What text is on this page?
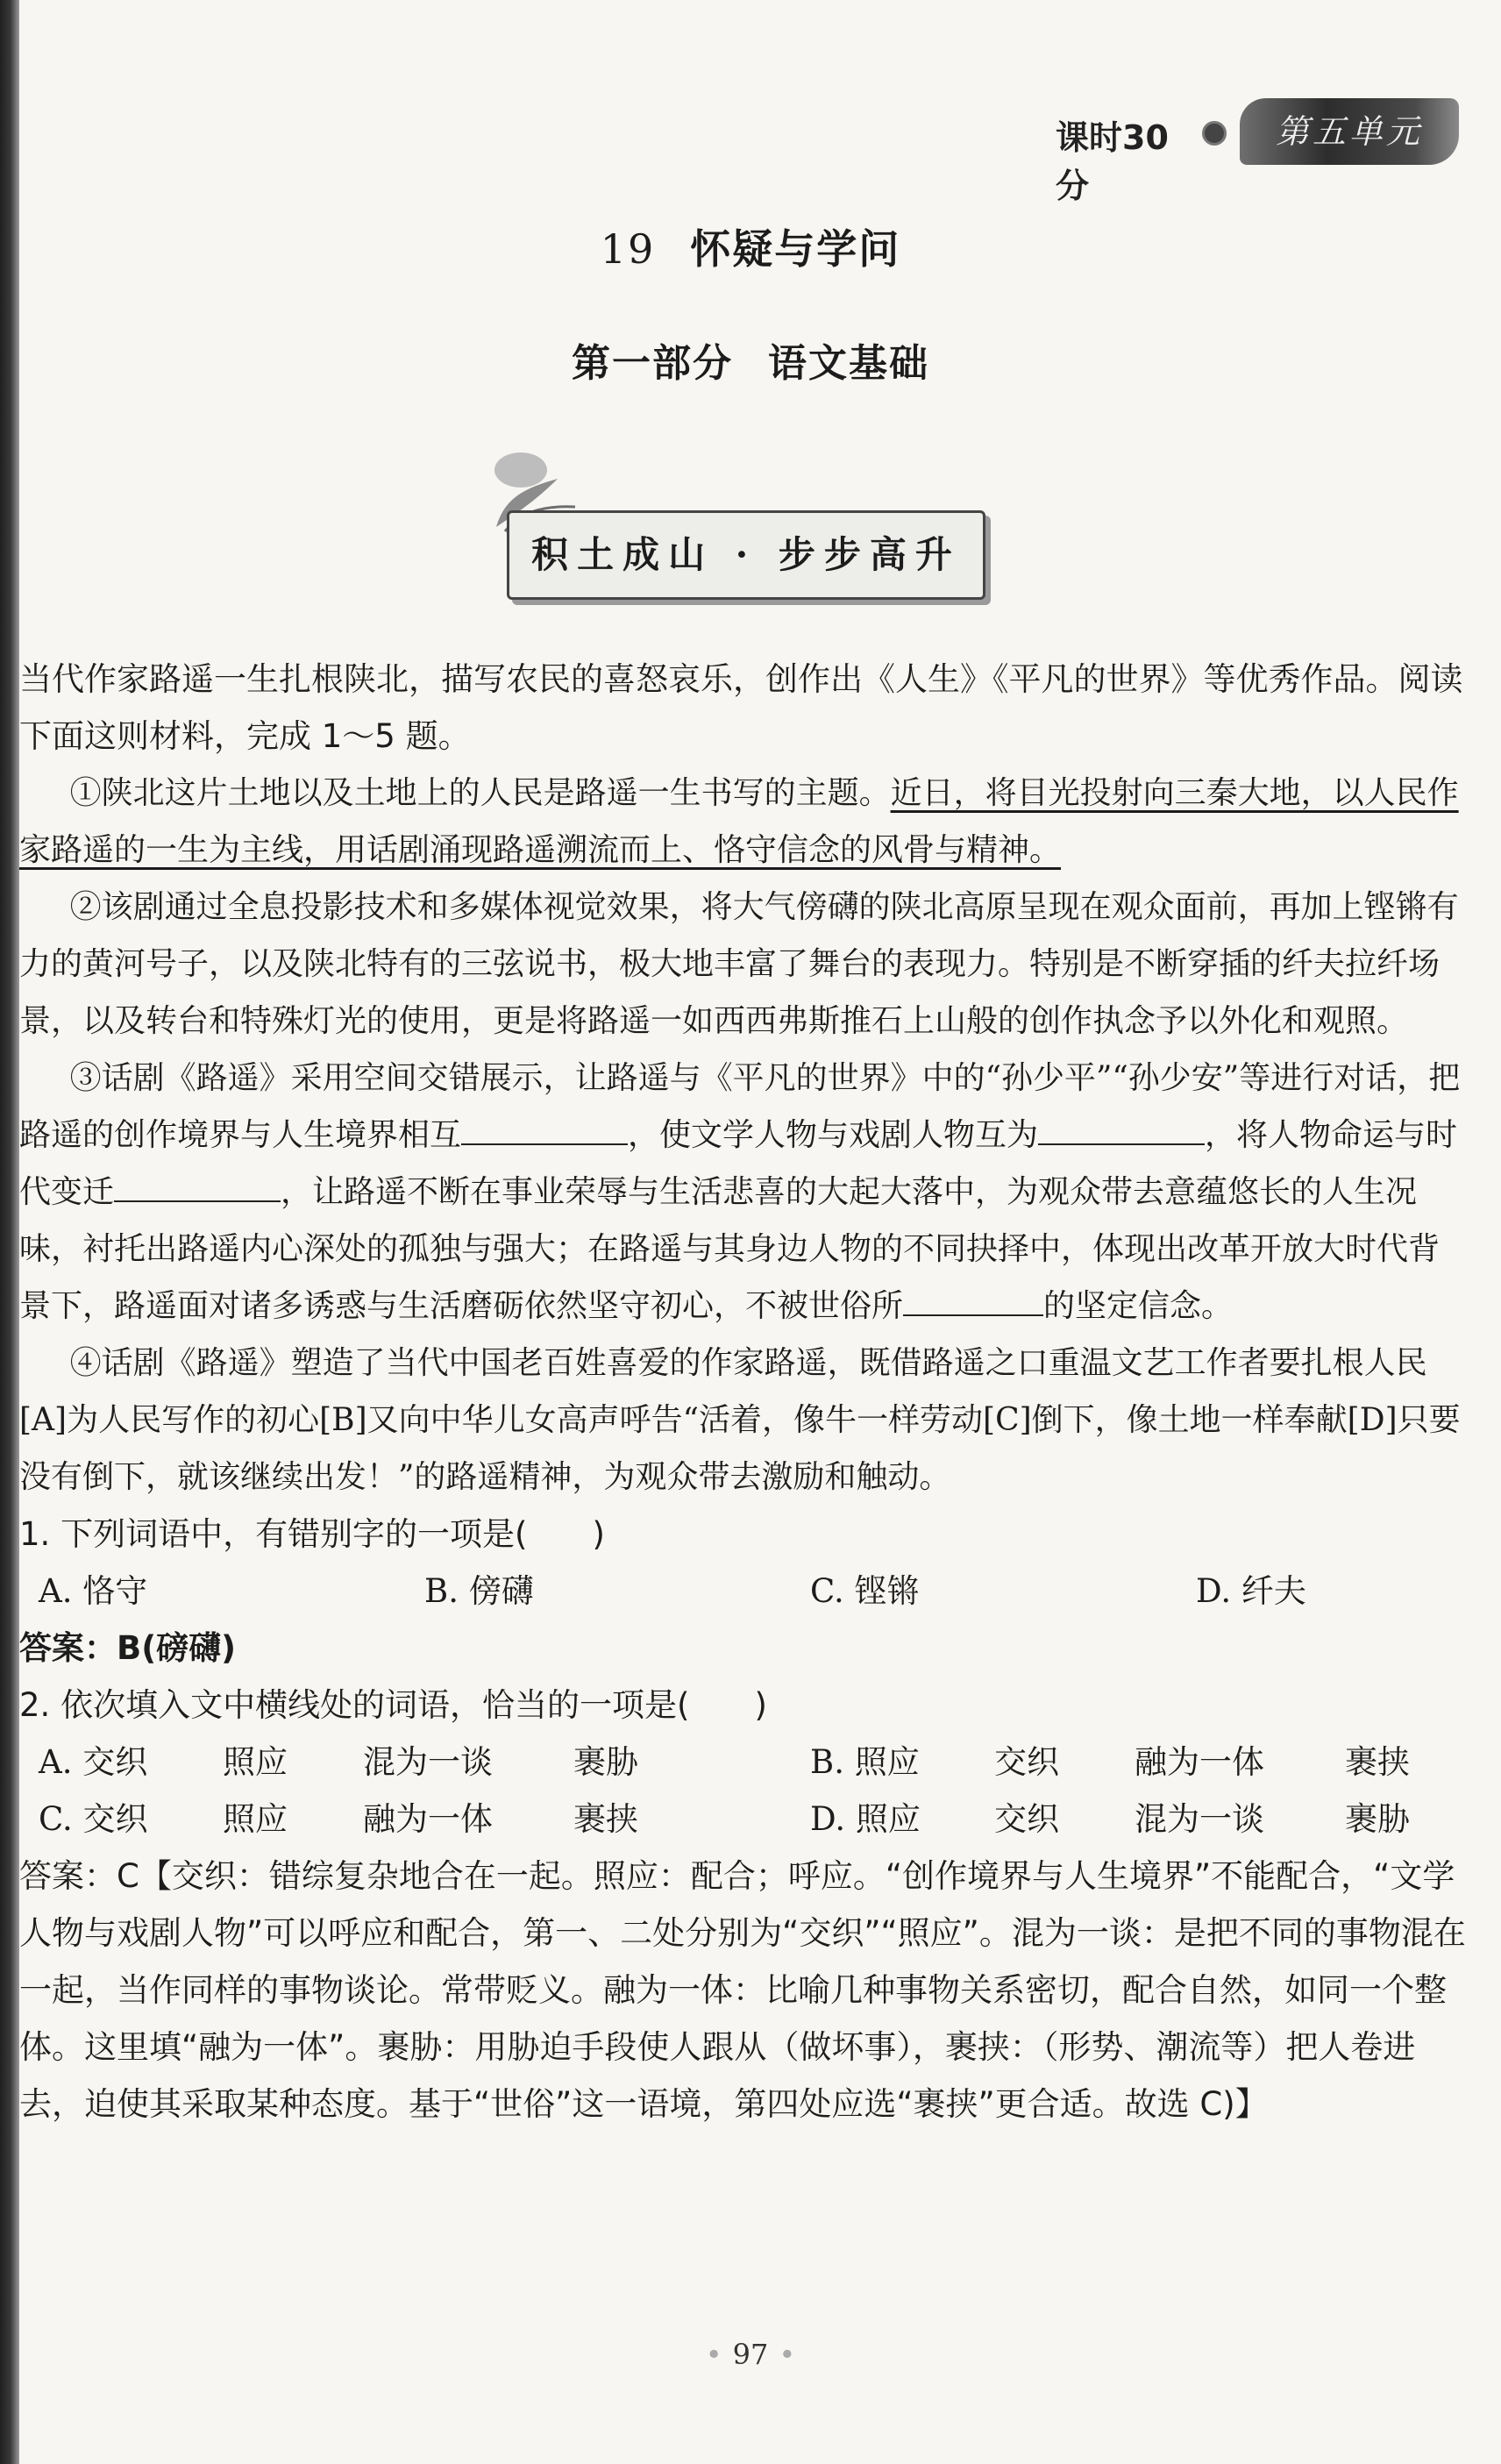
课时30分
第五单元
19 怀疑与学问
第一部分 语文基础
积土成山 · 步步高升

当代作家路遥一生扎根陕北，描写农民的喜怒哀乐，创作出《人生》《平凡的世界》等优秀作品。阅读下面这则材料，完成 1～5 题。

①陕北这片土地以及土地上的人民是路遥一生书写的主题。近日，将目光投射向三秦大地，以人民作家路遥的一生为主线，用话剧涌现路遥溯流而上、恪守信念的风骨与精神。

②该剧通过全息投影技术和多媒体视觉效果，将大气傍礴的陕北高原呈现在观众面前，再加上铿锵有力的黄河号子，以及陕北特有的三弦说书，极大地丰富了舞台的表现力。特别是不断穿插的纤夫拉纤场景，以及转台和特殊灯光的使用，更是将路遥一如西西弗斯推石上山般的创作执念予以外化和观照。

③话剧《路遥》采用空间交错展示，让路遥与《平凡的世界》中的“孙少平”“孙少安”等进行对话，把路遥的创作境界与人生境界相互	，使文学人物与戏剧人物互为	，将人物命运与时代变迁	，让路遥不断在事业荣辱与生活悲喜的大起大落中，为观众带去意蕴悠长的人生况味，衬托出路遥内心深处的孤独与强大；在路遥与其身边人物的不同抉择中，体现出改革开放大时代背景下，路遥面对诸多诱惑与生活磨砺依然坚守初心，不被世俗所	的坚定信念。

④话剧《路遥》塑造了当代中国老百姓喜爱的作家路遥，既借路遥之口重温文艺工作者要扎根人民[A]为人民写作的初心[B]又向中华儿女高声呼告“活着，像牛一样劳动[C]倒下，像土地一样奉献[D]只要没有倒下，就该继续出发！”的路遥精神，为观众带去激励和触动。

1. 下列词语中，有错别字的一项是(　　)

A. 恪守	B. 傍礴	C. 铿锵	D. 纤夫

答案：B(磅礴)

2. 依次填入文中横线处的词语，恰当的一项是(　　)

A. 交织	照应	混为一谈	裹胁	B. 照应	交织	融为一体	裹挟
C. 交织	照应	融为一体	裹挟	D. 照应	交织	混为一谈	裹胁

答案：C【交织：错综复杂地合在一起。照应：配合；呼应。“创作境界与人生境界”不能配合，“文学人物与戏剧人物”可以呼应和配合，第一、二处分别为“交织”“照应”。混为一谈：是把不同的事物混在一起，当作同样的事物谈论。常带贬义。融为一体：比喻几种事物关系密切，配合自然，如同一个整体。这里填“融为一体”。裹胁：用胁迫手段使人跟从（做坏事），裹挟：（形势、潮流等）把人卷进去，迫使其采取某种态度。基于“世俗”这一语境，第四处应选“裹挟”更合适。故选 C)】

• 97 •
